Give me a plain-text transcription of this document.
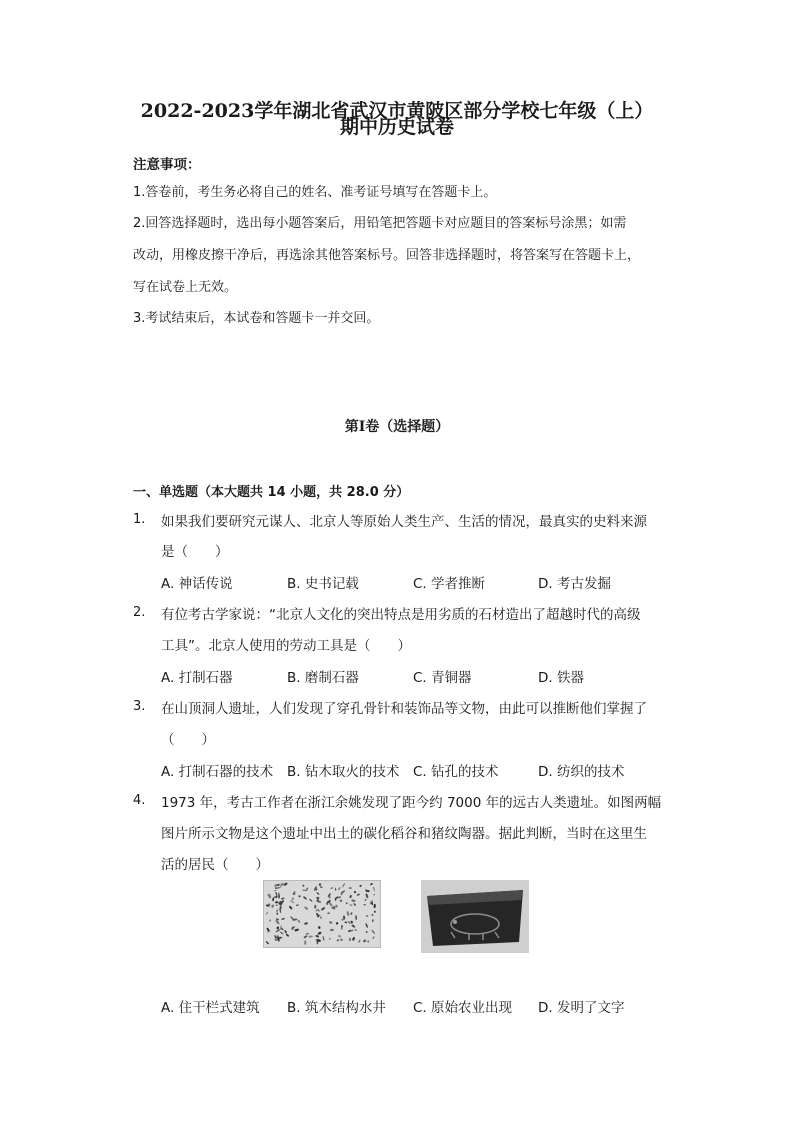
2022-2023学年湖北省武汉市黄陂区部分学校七年级（上）
期中历史试卷
注意事项：
1.答卷前，考生务必将自己的姓名、准考证号填写在答题卡上。
2.回答选择题时，选出每小题答案后，用铅笔把答题卡对应题目的答案标号涂黑；如需
改动，用橡皮擦干净后，再选涂其他答案标号。回答非选择题时，将答案写在答题卡上，
写在试卷上无效。
3.考试结束后，本试卷和答题卡一并交回。
第I卷（选择题）
一、单选题（本大题共 14 小题，共 28.0 分）
1. 如果我们要研究元谋人、北京人等原始人类生产、生活的情况，最真实的史料来源
是（　　）
A. 神话传说	B. 史书记载	C. 学者推断	D. 考古发掘
2. 有位考古学家说：“北京人文化的突出特点是用劣质的石材造出了超越时代的高级
工具”。北京人使用的劳动工具是（　　）
A. 打制石器	B. 磨制石器	C. 青铜器	D. 铁器
3. 在山顶洞人遗址，人们发现了穿孔骨针和装饰品等文物，由此可以推断他们掌握了
（　　）
A. 打制石器的技术 B. 钻木取火的技术 C. 钻孔的技术	D. 纺织的技术
4. 1973 年，考古工作者在浙江余姚发现了距今约 7000 年的远古人类遗址。如图两幅
图片所示文物是这个遗址中出土的碳化稻谷和猪纹陶器。据此判断，当时在这里生
活的居民（　　）
A. 住干栏式建筑 B. 筑木结构水井 C. 原始农业出现 D. 发明了文字
